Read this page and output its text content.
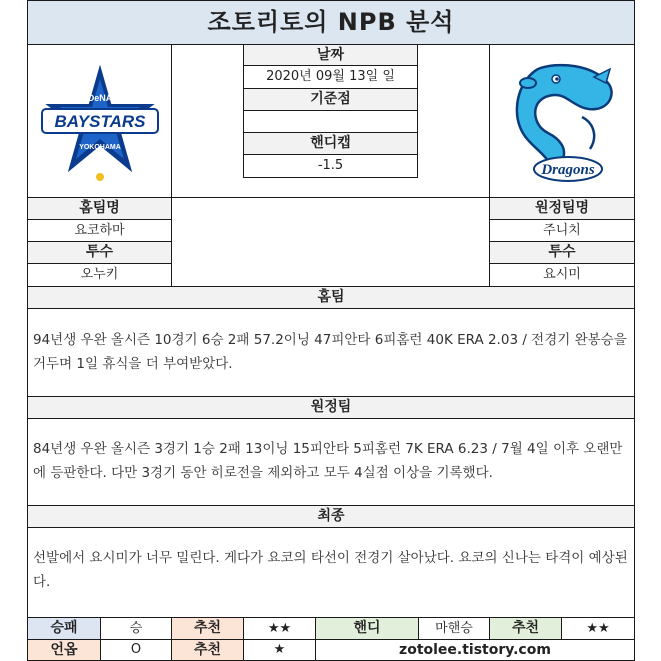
조토리토의 NPB 분석
DeNA
BAYSTARS
YOKOHAMA
날짜
2020년 09월 13일 일
기준점
핸디캡
-1.5	Dragons
홈팀명
요코하마
투수
오누키
원정팀명
주니치
투수
요시미
홈팀
94년생 우완 올시즌 10경기 6승 2패 57.2이닝 47피안타 6피홈런 40K ERA 2.03 / 전경기 완봉승을 거두며 1일 휴식을 더 부여받았다.
원정팀
84년생 우완 올시즌 3경기 1승 2패 13이닝 15피안타 5피홈런 7K ERA 6.23 / 7월 4일 이후 오랜만에 등판한다. 다만 3경기 동안 히로전을 제외하고 모두 4실점 이상을 기록했다.
최종
선발에서 요시미가 너무 밀린다. 게다가 요코의 타선이 전경기 살아났다. 요코의 신나는 타격이 예상된다.
승패	승	추천	★★	핸디	마핸승	추천	★★
언옵	O	추천	★	zotolee.tistory.com
